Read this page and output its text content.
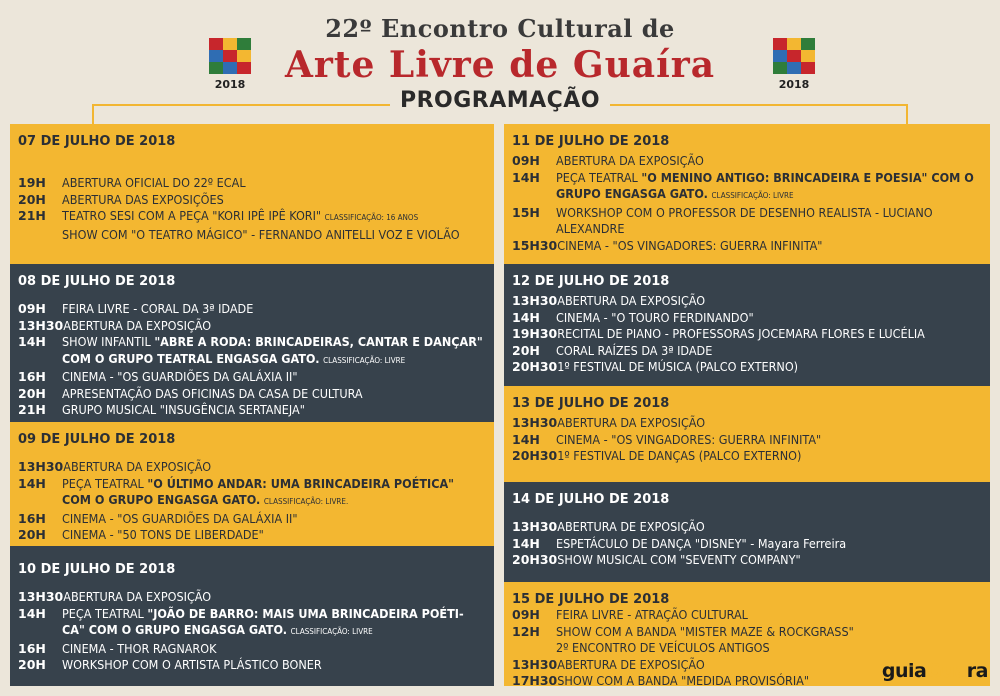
22º Encontro Cultural de
Arte Livre de Guaíra
PROGRAMAÇÃO
2018	2018
07 DE JULHO DE 2018
19H	ABERTURA OFICIAL DO 22º ECAL
20H	ABERTURA DAS EXPOSIÇÕES
21H	TEATRO SESI COM A PEÇA "KORI IPÊ IPÊ KORI" CLASSIFICAÇÃO: 16 ANOS
SHOW COM "O TEATRO MÁGICO" - FERNANDO ANITELLI VOZ E VIOLÃO
08 DE JULHO DE 2018
09H	FEIRA LIVRE - CORAL DA 3ª IDADE
13H30 ABERTURA DA EXPOSIÇÃO
14H	SHOW INFANTIL "ABRE A RODA: BRINCADEIRAS, CANTAR E DANÇAR" COM O GRUPO TEATRAL ENGASGA GATO. CLASSIFICAÇÃO: LIVRE
16H	CINEMA - "OS GUARDIÕES DA GALÁXIA II"
20H	APRESENTAÇÃO DAS OFICINAS DA CASA DE CULTURA
21H	GRUPO MUSICAL "INSUGÊNCIA SERTANEJA"
09 DE JULHO DE 2018
13H30 ABERTURA DA EXPOSIÇÃO
14H	PEÇA TEATRAL "O ÚLTIMO ANDAR: UMA BRINCADEIRA POÉTICA" COM O GRUPO ENGASGA GATO. CLASSIFICAÇÃO: LIVRE.
16H	CINEMA - "OS GUARDIÕES DA GALÁXIA II"
20H	CINEMA - "50 TONS DE LIBERDADE"
10 DE JULHO DE 2018
13H30 ABERTURA DA EXPOSIÇÃO
14H	PEÇA TEATRAL "JOÃO DE BARRO: MAIS UMA BRINCADEIRA POÉTI-CA" COM O GRUPO ENGASGA GATO. CLASSIFICAÇÃO: LIVRE
16H	CINEMA - THOR RAGNAROK
20H	WORKSHOP COM O ARTISTA PLÁSTICO BONER
11 DE JULHO DE 2018
09H	ABERTURA DA EXPOSIÇÃO
14H	PEÇA TEATRAL "O MENINO ANTIGO: BRINCADEIRA E POESIA" COM O GRUPO ENGASGA GATO. CLASSIFICAÇÃO: LIVRE
15H	WORKSHOP COM O PROFESSOR DE DESENHO REALISTA - LUCIANO ALEXANDRE
15H30 CINEMA - "OS VINGADORES: GUERRA INFINITA"
12 DE JULHO DE 2018
13H30 ABERTURA DA EXPOSIÇÃO
14H	CINEMA - "O TOURO FERDINANDO"
19H30 RECITAL DE PIANO - PROFESSORAS JOCEMARA FLORES E LUCÉLIA
20H	CORAL RAÍZES DA 3ª IDADE
20H30 1º FESTIVAL DE MÚSICA (PALCO EXTERNO)
13 DE JULHO DE 2018
13H30 ABERTURA DA EXPOSIÇÃO
14H	CINEMA - "OS VINGADORES: GUERRA INFINITA"
20H30 1º FESTIVAL DE DANÇAS (PALCO EXTERNO)
14 DE JULHO DE 2018
13H30 ABERTURA DE EXPOSIÇÃO
14H	ESPETÁCULO DE DANÇA "DISNEY" - Mayara Ferreira
20H30 SHOW MUSICAL COM "SEVENTY COMPANY"
15 DE JULHO DE 2018
09H	FEIRA LIVRE - ATRAÇÃO CULTURAL
12H	SHOW COM A BANDA "MISTER MAZE & ROCKGRASS"
2º ENCONTRO DE VEÍCULOS ANTIGOS
13H30 ABERTURA DE EXPOSIÇÃO
17H30 SHOW COM A BANDA "MEDIDA PROVISÓRIA"	guiaGuara
